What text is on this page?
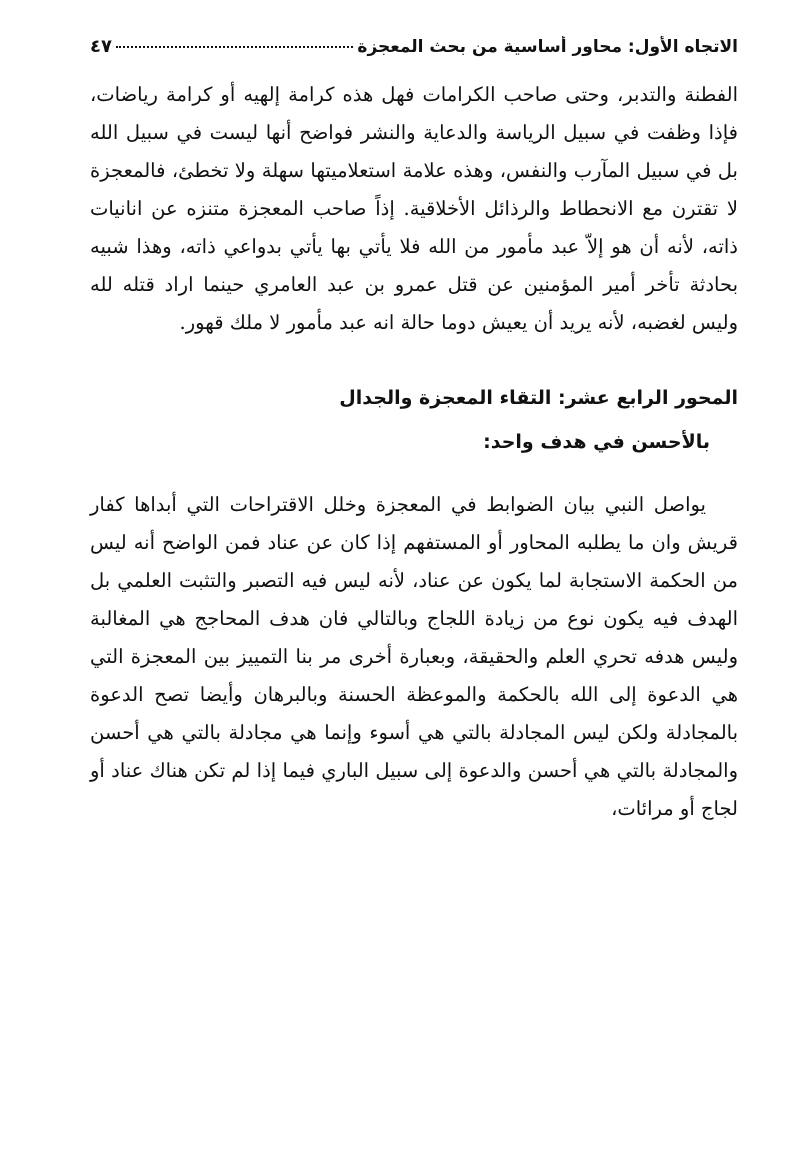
الاتجاه الأول: محاور أساسية من بحث المعجزة
٤٧

الفطنة والتدبر، وحتى صاحب الكرامات فهل هذه كرامة إلهيه أو كرامة رياضات، فإذا وظفت في سبيل الرياسة والدعاية والنشر فواضح أنها ليست في سبيل الله بل في سبيل المآرب والنفس، وهذه علامة استعلاميتها سهلة ولا تخطئ، فالمعجزة لا تقترن مع الانحطاط والرذائل الأخلاقية. إذاً صاحب المعجزة متنزه عن انانيات ذاته، لأنه أن هو إلاّ عبد مأمور من الله فلا يأتي بها يأتي بدواعي ذاته، وهذا شبيه بحادثة تأخر أمير المؤمنين عن قتل عمرو بن عبد العامري حينما اراد قتله لله وليس لغضبه، لأنه يريد أن يعيش دوما حالة انه عبد مأمور لا ملك قهور.

المحور الرابع عشر: التقاء المعجزة والجدال

بالأحسن في هدف واحد:

يواصل النبي بيان الضوابط في المعجزة وخلل الاقتراحات التي أبداها كفار قريش وان ما يطلبه المحاور أو المستفهم إذا كان عن عناد فمن الواضح أنه ليس من الحكمة الاستجابة لما يكون عن عناد، لأنه ليس فيه التصبر والتثبت العلمي بل الهدف فيه يكون نوع من زيادة اللجاج وبالتالي فان هدف المحاجج هي المغالبة وليس هدفه تحري العلم والحقيقة، وبعبارة أخرى مر بنا التمييز بين المعجزة التي هي الدعوة إلى الله بالحكمة والموعظة الحسنة وبالبرهان وأيضا تصح الدعوة بالمجادلة ولكن ليس المجادلة بالتي هي أسوء وإنما هي مجادلة بالتي هي أحسن والمجادلة بالتي هي أحسن والدعوة إلى سبيل الباري فيما إذا لم تكن هناك عناد أو لجاج أو مرائات،
